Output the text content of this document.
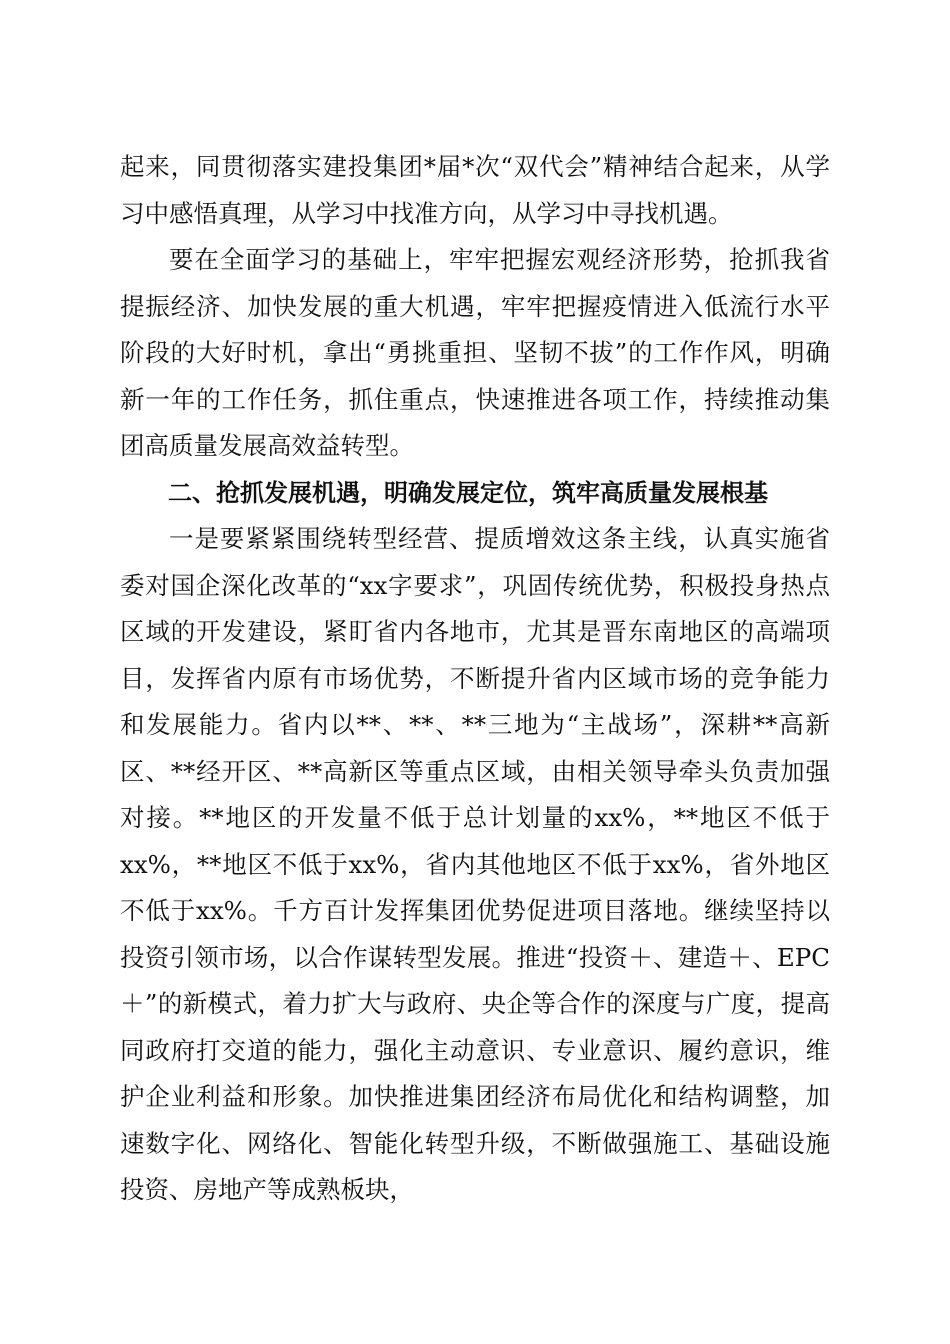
起来，同贯彻落实建投集团*届*次“双代会”精神结合起来，从学习中感悟真理，从学习中找准方向，从学习中寻找机遇。

要在全面学习的基础上，牢牢把握宏观经济形势，抢抓我省提振经济、加快发展的重大机遇，牢牢把握疫情进入低流行水平阶段的大好时机，拿出“勇挑重担、坚韧不拔”的工作作风，明确新一年的工作任务，抓住重点，快速推进各项工作，持续推动集团高质量发展高效益转型。

二、抢抓发展机遇，明确发展定位，筑牢高质量发展根基

一是要紧紧围绕转型经营、提质增效这条主线，认真实施省委对国企深化改革的“xx字要求”，巩固传统优势，积极投身热点区域的开发建设，紧盯省内各地市，尤其是晋东南地区的高端项目，发挥省内原有市场优势，不断提升省内区域市场的竞争能力和发展能力。省内以**、**、**三地为“主战场”，深耕**高新区、**经开区、**高新区等重点区域，由相关领导牵头负责加强对接。**地区的开发量不低于总计划量的xx%，**地区不低于xx%，**地区不低于xx%，省内其他地区不低于xx%，省外地区不低于xx%。千方百计发挥集团优势促进项目落地。继续坚持以投资引领市场，以合作谋转型发展。推进“投资＋、建造＋、EPC＋”的新模式，着力扩大与政府、央企等合作的深度与广度，提高同政府打交道的能力，强化主动意识、专业意识、履约意识，维护企业利益和形象。加快推进集团经济布局优化和结构调整，加速数字化、网络化、智能化转型升级，不断做强施工、基础设施投资、房地产等成熟板块，
